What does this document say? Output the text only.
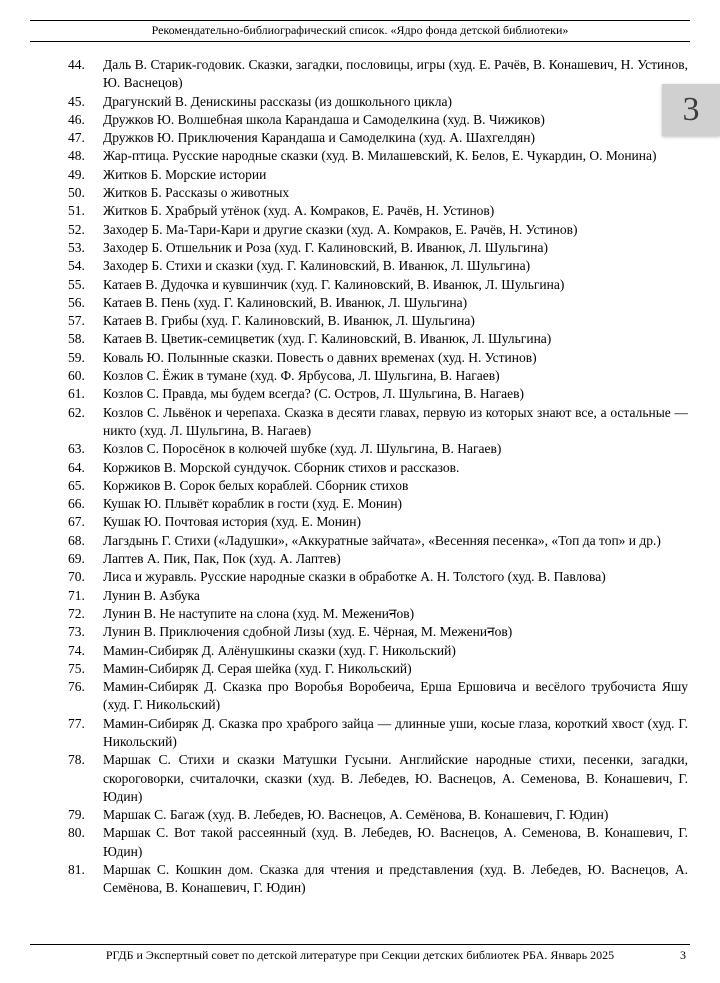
Рекомендательно-библиографический список. «Ядро фонда детской библиотеки»
44.	Даль В. Старик-годовик. Сказки, загадки, пословицы, игры (худ. Е. Рачёв, В. Конашевич, Н. Устинов, Ю. Васнецов)
45.	Драгунский В. Денискины рассказы (из дошкольного цикла)
46.	Дружков Ю. Волшебная школа Карандаша и Самоделкина (худ. В. Чижиков)
47.	Дружков Ю. Приключения Карандаша и Самоделкина (худ. А. Шахгелдян)
48.	Жар-птица. Русские народные сказки (худ. В. Милашевский, К. Белов, Е. Чукардин, О. Монина)
49.	Житков Б. Морские истории
50.	Житков Б. Рассказы о животных
51.	Житков Б. Храбрый утёнок (худ. А. Комраков, Е. Рачёв, Н. Устинов)
52.	Заходер Б. Ма-Тари-Кари и другие сказки (худ. А. Комраков, Е. Рачёв, Н. Устинов)
53.	Заходер Б. Отшельник и Роза (худ. Г. Калиновский, В. Иванюк, Л. Шульгина)
54.	Заходер Б. Стихи и сказки (худ. Г. Калиновский, В. Иванюк, Л. Шульгина)
55.	Катаев В. Дудочка и кувшинчик (худ. Г. Калиновский, В. Иванюк, Л. Шульгина)
56.	Катаев В. Пень (худ. Г. Калиновский, В. Иванюк, Л. Шульгина)
57.	Катаев В. Грибы (худ. Г. Калиновский, В. Иванюк, Л. Шульгина)
58.	Катаев В. Цветик-семицветик (худ. Г. Калиновский, В. Иванюк, Л. Шульгина)
59.	Коваль Ю. Полынные сказки. Повесть о давних временах (худ. Н. Устинов)
60.	Козлов С. Ёжик в тумане (худ. Ф. Ярбусова, Л. Шульгина, В. Нагаев)
61.	Козлов С. Правда, мы будем всегда? (С. Остров, Л. Шульгина, В. Нагаев)
62.	Козлов С. Львёнок и черепаха. Сказка в десяти главах, первую из которых знают все, а остальные — никто (худ. Л. Шульгина, В. Нагаев)
63.	Козлов С. Поросёнок в колючей шубке (худ. Л. Шульгина, В. Нагаев)
64.	Коржиков В. Морской сундучок. Сборник стихов и рассказов.
65.	Коржиков В. Сорок белых кораблей. Сборник стихов
66.	Кушак Ю. Плывёт кораблик в гости (худ. Е. Монин)
67.	Кушак Ю. Почтовая история (худ. Е. Монин)
68.	Лагздынь Г. Стихи («Ладушки», «Аккуратные зайчата», «Весенняя песенка», «Топ да топ» и др.)
69.	Лаптев А. Пик, Пак, Пок (худ. А. Лаптев)
70.	Лиса и журавль. Русские народные сказки в обработке А. Н. Толстого (худ. В. Павлова)
71.	Лунин В. Азбука
72.	Лунин В. Не наступите на слона (худ. М. Межениनов)
73.	Лунин В. Приключения сдобной Лизы (худ. Е. Чёрная, М. Межениनов)
74.	Мамин-Сибиряк Д. Алёнушкины сказки (худ. Г. Никольский)
75.	Мамин-Сибиряк Д. Серая шейка (худ. Г. Никольский)
76.	Мамин-Сибиряк Д. Сказка про Воробья Воробеича, Ерша Ершовича и весёлого трубочиста Яшу (худ. Г. Никольский)
77.	Мамин-Сибиряк Д. Сказка про храброго зайца — длинные уши, косые глаза, короткий хвост (худ. Г. Никольский)
78.	Маршак С. Стихи и сказки Матушки Гусыни. Английские народные стихи, песенки, загадки, скороговорки, считалочки, сказки (худ. В. Лебедев, Ю. Васнецов, А. Семенова, В. Конашевич, Г. Юдин)
79.	Маршак С. Багаж (худ. В. Лебедев, Ю. Васнецов, А. Семёнова, В. Конашевич, Г. Юдин)
80.	Маршак С. Вот такой рассеянный (худ. В. Лебедев, Ю. Васнецов, А. Семенова, В. Конашевич, Г. Юдин)
81.	Маршак С. Кошкин дом. Сказка для чтения и представления (худ. В. Лебедев, Ю. Васнецов, А. Семёнова, В. Конашевич, Г. Юдин)
3
РГДБ и Экспертный совет по детской литературе при Секции детских библиотек РБА. Январь 2025	3
